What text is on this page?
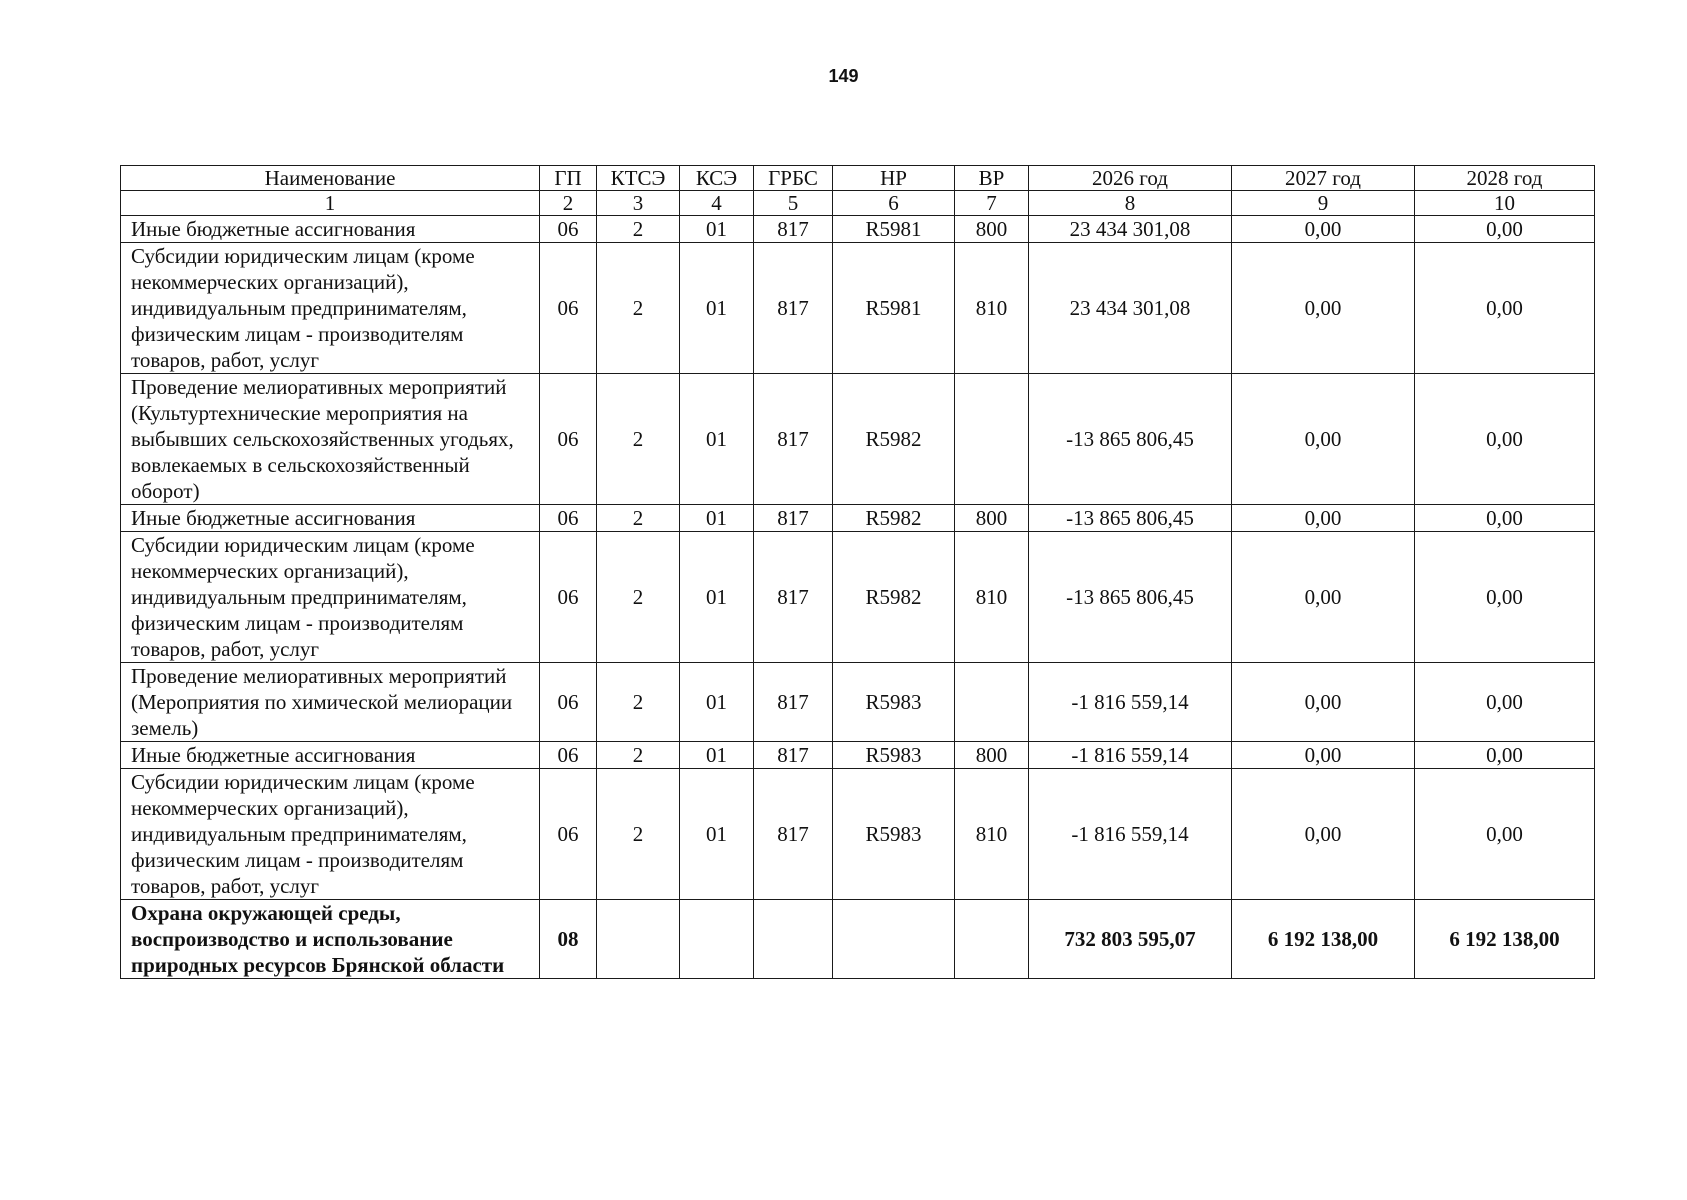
149
Наименование	ГП	КТСЭ	КСЭ	ГРБС	НР	ВР	2026 год	2027 год	2028 год
1	2	3	4	5	6	7	8	9	10
Иные бюджетные ассигнования	06	2	01	817	R5981	800	23 434 301,08	0,00	0,00
Субсидии юридическим лицам (кроме некоммерческих организаций), индивидуальным предпринимателям, физическим лицам - производителям товаров, работ, услуг	06	2	01	817	R5981	810	23 434 301,08	0,00	0,00
Проведение мелиоративных мероприятий (Культуртехнические мероприятия на выбывших сельскохозяйственных угодьях, вовлекаемых в сельскохозяйственный оборот)	06	2	01	817	R5982		-13 865 806,45	0,00	0,00
Иные бюджетные ассигнования	06	2	01	817	R5982	800	-13 865 806,45	0,00	0,00
Субсидии юридическим лицам (кроме некоммерческих организаций), индивидуальным предпринимателям, физическим лицам - производителям товаров, работ, услуг	06	2	01	817	R5982	810	-13 865 806,45	0,00	0,00
Проведение мелиоративных мероприятий (Мероприятия по химической мелиорации земель)	06	2	01	817	R5983		-1 816 559,14	0,00	0,00
Иные бюджетные ассигнования	06	2	01	817	R5983	800	-1 816 559,14	0,00	0,00
Субсидии юридическим лицам (кроме некоммерческих организаций), индивидуальным предпринимателям, физическим лицам - производителям товаров, работ, услуг	06	2	01	817	R5983	810	-1 816 559,14	0,00	0,00
Охрана окружающей среды, воспроизводство и использование природных ресурсов Брянской области	08						732 803 595,07	6 192 138,00	6 192 138,00
